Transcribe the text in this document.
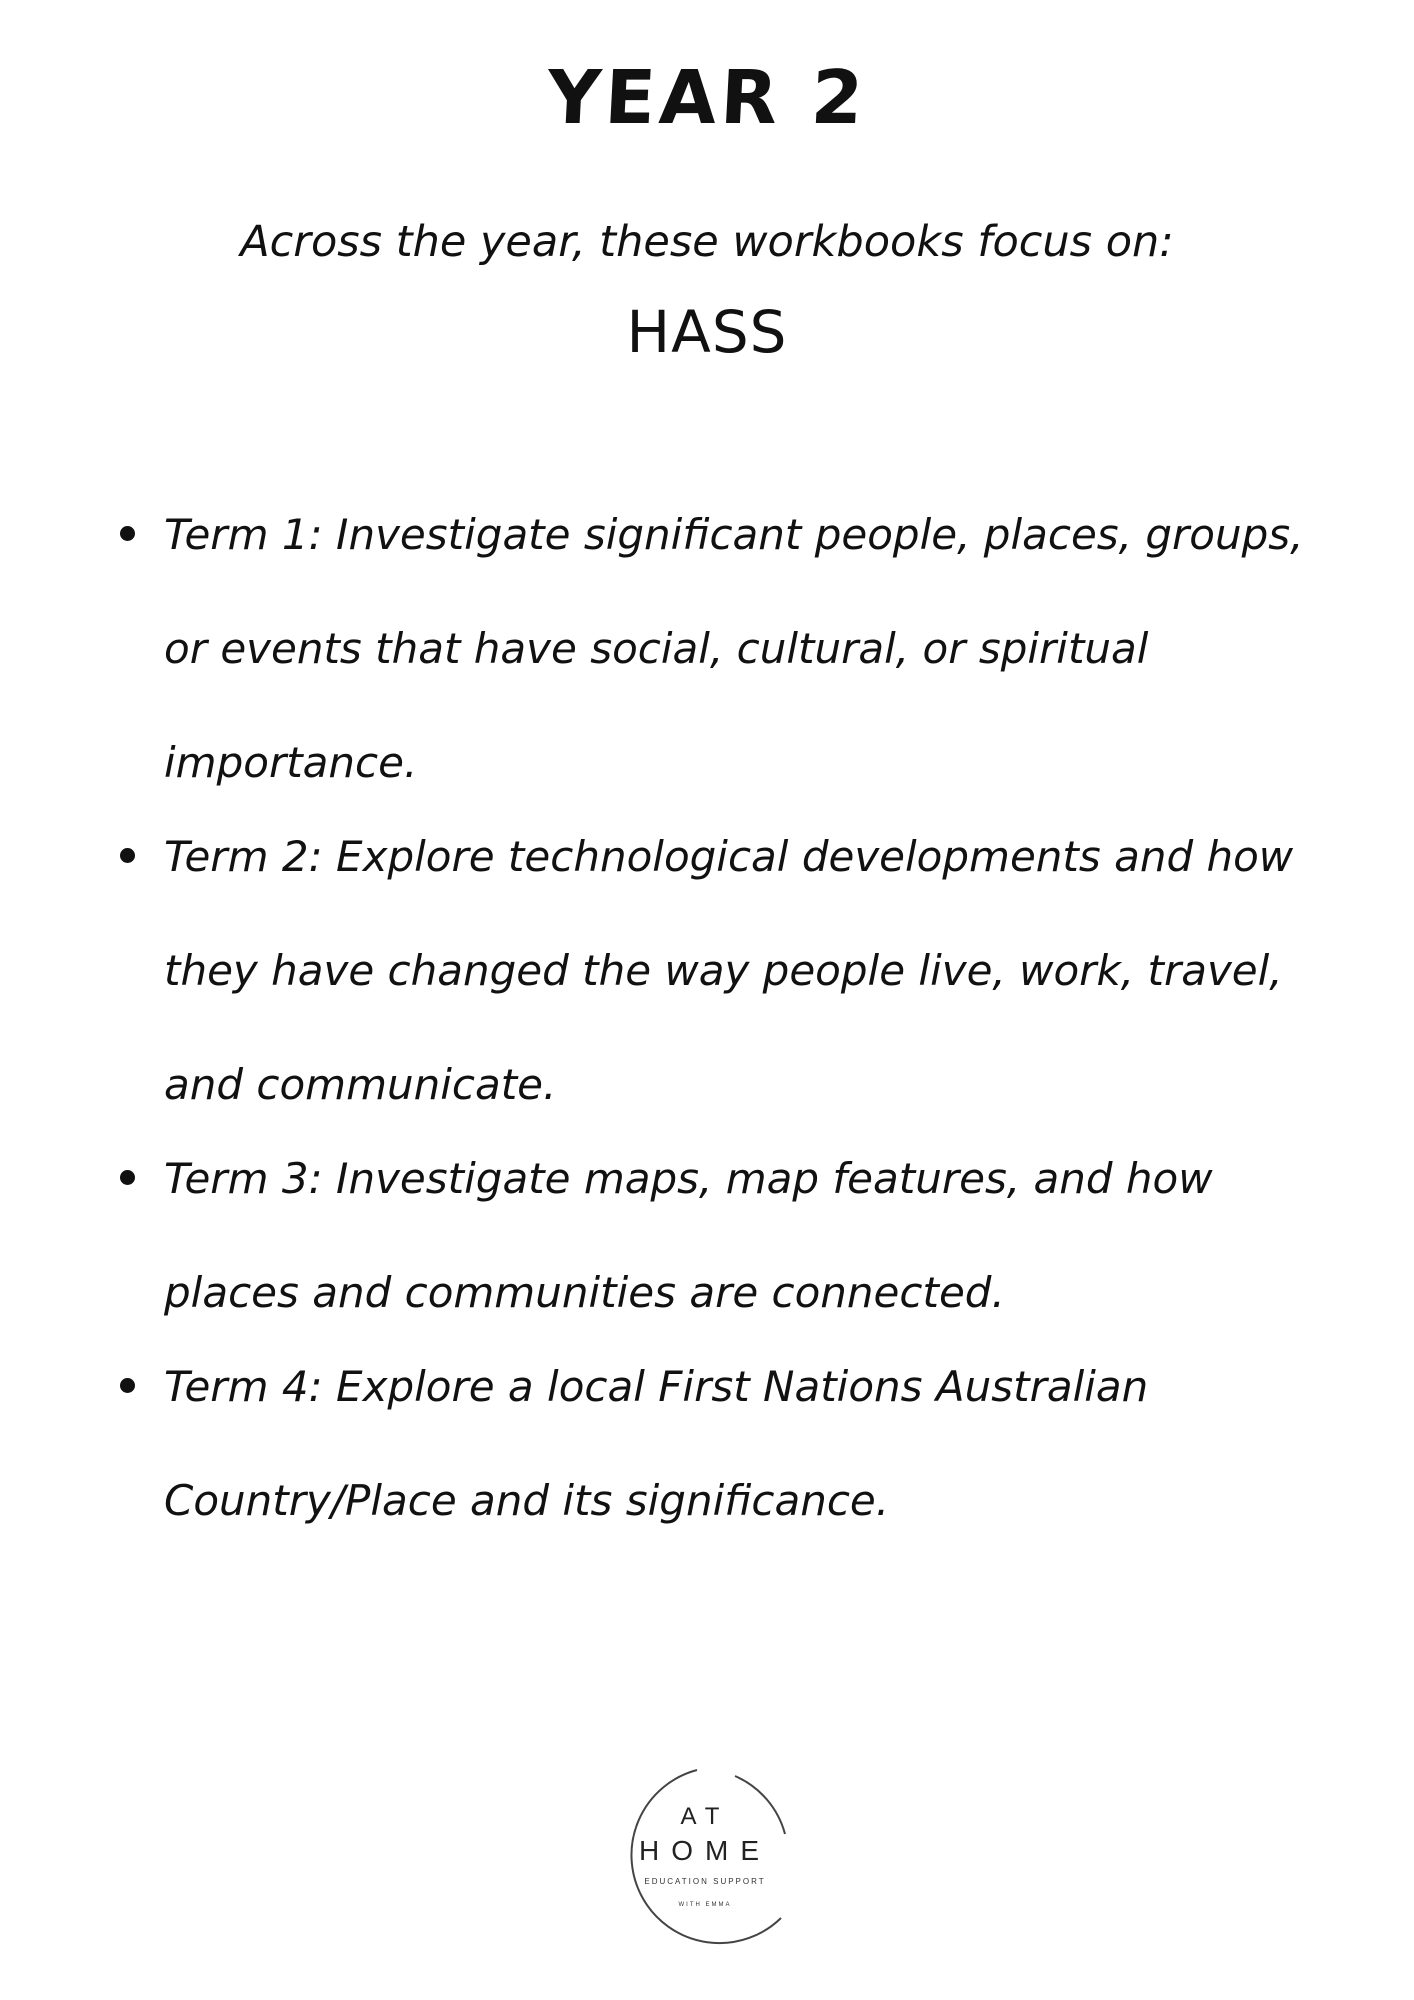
YEAR 2

Across the year, these workbooks focus on:

HASS

Term 1: Investigate significant people, places, groups, or events that have social, cultural, or spiritual importance.
Term 2: Explore technological developments and how they have changed the way people live, work, travel, and communicate.
Term 3: Investigate maps, map features, and how places and communities are connected.
Term 4: Explore a local First Nations Australian Country/Place and its significance.
AT
HOME
EDUCATION SUPPORT
WITH EMMA
